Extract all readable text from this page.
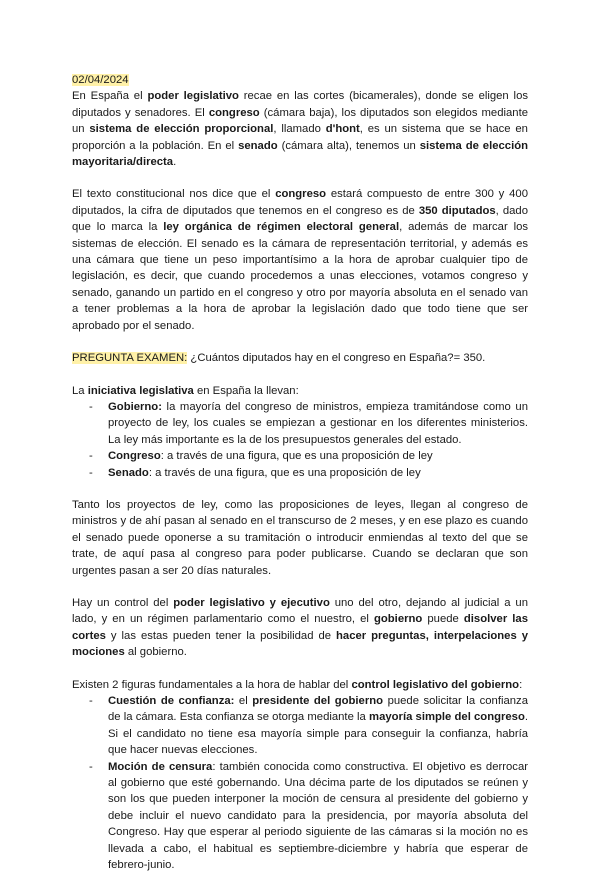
02/04/2024

En España el poder legislativo recae en las cortes (bicamerales), donde se eligen los diputados y senadores. El congreso (cámara baja), los diputados son elegidos mediante un sistema de elección proporcional, llamado d'hont, es un sistema que se hace en proporción a la población. En el senado (cámara alta), tenemos un sistema de elección mayoritaria/directa.

El texto constitucional nos dice que el congreso estará compuesto de entre 300 y 400 diputados, la cifra de diputados que tenemos en el congreso es de 350 diputados, dado que lo marca la ley orgánica de régimen electoral general, además de marcar los sistemas de elección. El senado es la cámara de representación territorial, y además es una cámara que tiene un peso importantísimo a la hora de aprobar cualquier tipo de legislación, es decir, que cuando procedemos a unas elecciones, votamos congreso y senado, ganando un partido en el congreso y otro por mayoría absoluta en el senado van a tener problemas a la hora de aprobar la legislación dado que todo tiene que ser aprobado por el senado.

PREGUNTA EXAMEN: ¿Cuántos diputados hay en el congreso en España?= 350.

La iniciativa legislativa en España la llevan:

- Gobierno: la mayoría del congreso de ministros, empieza tramitándose como un proyecto de ley, los cuales se empiezan a gestionar en los diferentes ministerios. La ley más importante es la de los presupuestos generales del estado.
- Congreso: a través de una figura, que es una proposición de ley
- Senado: a través de una figura, que es una proposición de ley

Tanto los proyectos de ley, como las proposiciones de leyes, llegan al congreso de ministros y de ahí pasan al senado en el transcurso de 2 meses, y en ese plazo es cuando el senado puede oponerse a su tramitación o introducir enmiendas al texto del que se trate, de aquí pasa al congreso para poder publicarse. Cuando se declaran que son urgentes pasan a ser 20 días naturales.

Hay un control del poder legislativo y ejecutivo uno del otro, dejando al judicial a un lado, y en un régimen parlamentario como el nuestro, el gobierno puede disolver las cortes y las estas pueden tener la posibilidad de hacer preguntas, interpelaciones y mociones al gobierno.

Existen 2 figuras fundamentales a la hora de hablar del control legislativo del gobierno:

- Cuestión de confianza: el presidente del gobierno puede solicitar la confianza de la cámara. Esta confianza se otorga mediante la mayoría simple del congreso. Si el candidato no tiene esa mayoría simple para conseguir la confianza, habría que hacer nuevas elecciones.
- Moción de censura: también conocida como constructiva. El objetivo es derrocar al gobierno que esté gobernando. Una décima parte de los diputados se reúnen y son los que pueden interponer la moción de censura al presidente del gobierno y debe incluir el nuevo candidato para la presidencia, por mayoría absoluta del Congreso. Hay que esperar al periodo siguiente de las cámaras si la moción no es llevada a cabo, el habitual es septiembre-diciembre y habría que esperar de febrero-junio.
